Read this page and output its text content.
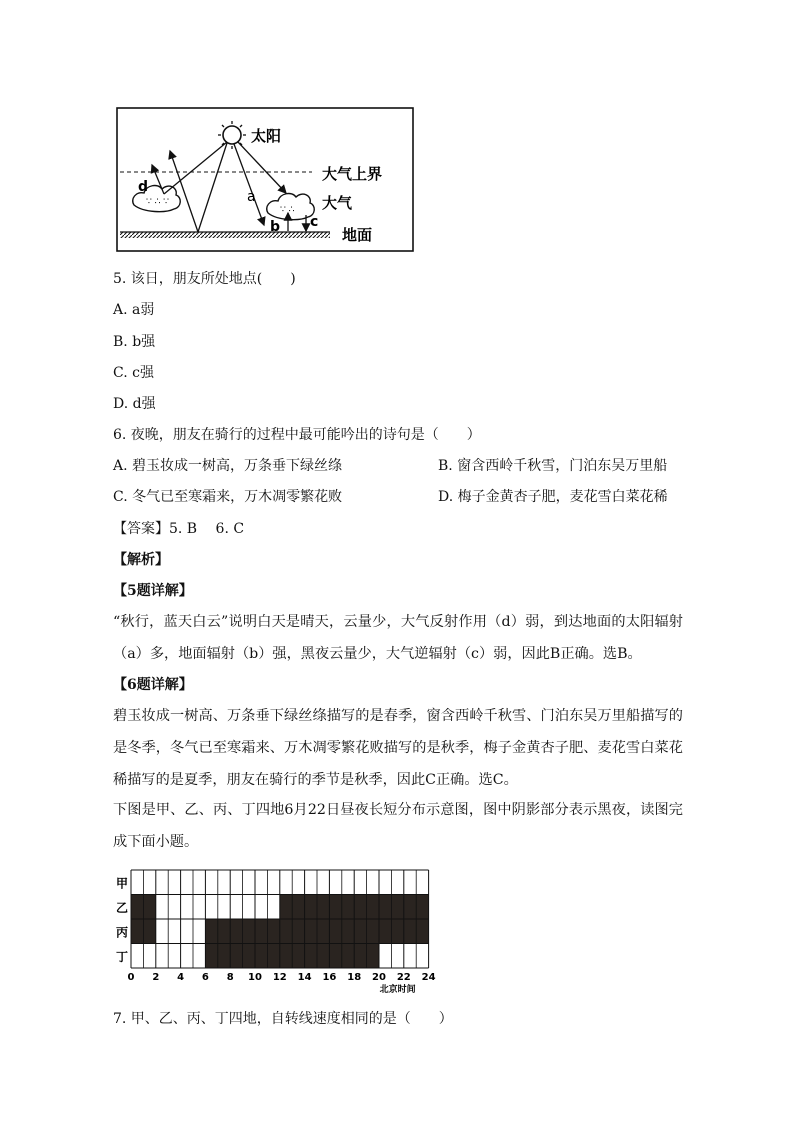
太阳
大气上界
地面
∵ ∴ ∵
∵ ∴ 大气
d
a
b c
5. 该日，朋友所处地点(　　)
A. a弱
B. b强
C. c强
D. d强
6. 夜晚，朋友在骑行的过程中最可能吟出的诗句是（　　）
A. 碧玉妆成一树高，万条垂下绿丝绦	B. 窗含西岭千秋雪，门泊东吴万里船
C. 冬气已至寒霜来，万木凋零繁花败	D. 梅子金黄杏子肥，麦花雪白菜花稀
【答案】5. B　 6. C
【解析】
【5题详解】
“秋行，蓝天白云”说明白天是晴天，云量少，大气反射作用（d）弱，到达地面的太阳辐射（a）多，地面辐射（b）强，黑夜云量少，大气逆辐射（c）弱，因此B正确。选B。
【6题详解】
碧玉妆成一树高、万条垂下绿丝绦描写的是春季，窗含西岭千秋雪、门泊东吴万里船描写的是冬季，冬气已至寒霜来、万木凋零繁花败描写的是秋季，梅子金黄杏子肥、麦花雪白菜花稀描写的是夏季，朋友在骑行的季节是秋季，因此C正确。选C。
下图是甲、乙、丙、丁四地6月22日昼夜长短分布示意图，图中阴影部分表示黑夜，读图完成下面小题。
甲
乙
丙
丁
0 2 4 6 8 10 12 14 16 18 20 22 24
北京时间
7. 甲、乙、丙、丁四地，自转线速度相同的是（　　）
